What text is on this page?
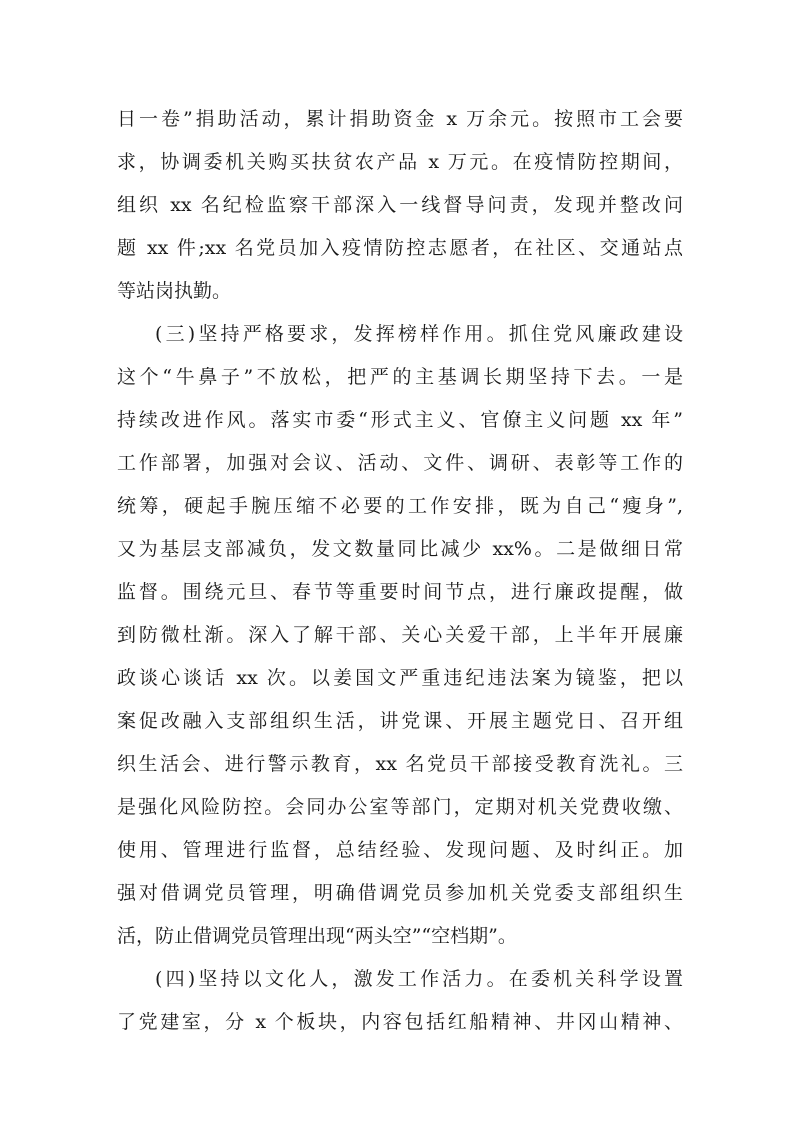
日一卷”捐助活动，累计捐助资金 x 万余元。按照市工会要
求，协调委机关购买扶贫农产品 x 万元。在疫情防控期间，
组织 xx 名纪检监察干部深入一线督导问责，发现并整改问
题 xx 件;xx 名党员加入疫情防控志愿者，在社区、交通站点
等站岗执勤。
(三)坚持严格要求，发挥榜样作用。抓住党风廉政建设
这个“牛鼻子”不放松，把严的主基调长期坚持下去。一是
持续改进作风。落实市委“形式主义、官僚主义问题 xx 年”
工作部署，加强对会议、活动、文件、调研、表彰等工作的
统筹，硬起手腕压缩不必要的工作安排，既为自己“瘦身”,
又为基层支部减负，发文数量同比减少 xx%。二是做细日常
监督。围绕元旦、春节等重要时间节点，进行廉政提醒，做
到防微杜渐。深入了解干部、关心关爱干部，上半年开展廉
政谈心谈话 xx 次。以姜国文严重违纪违法案为镜鉴，把以
案促改融入支部组织生活，讲党课、开展主题党日、召开组
织生活会、进行警示教育，xx 名党员干部接受教育洗礼。三
是强化风险防控。会同办公室等部门，定期对机关党费收缴、
使用、管理进行监督，总结经验、发现问题、及时纠正。加
强对借调党员管理，明确借调党员参加机关党委支部组织生
活，防止借调党员管理出现“两头空”“空档期”。
(四)坚持以文化人，激发工作活力。在委机关科学设置
了党建室，分 x 个板块，内容包括红船精神、井冈山精神、
